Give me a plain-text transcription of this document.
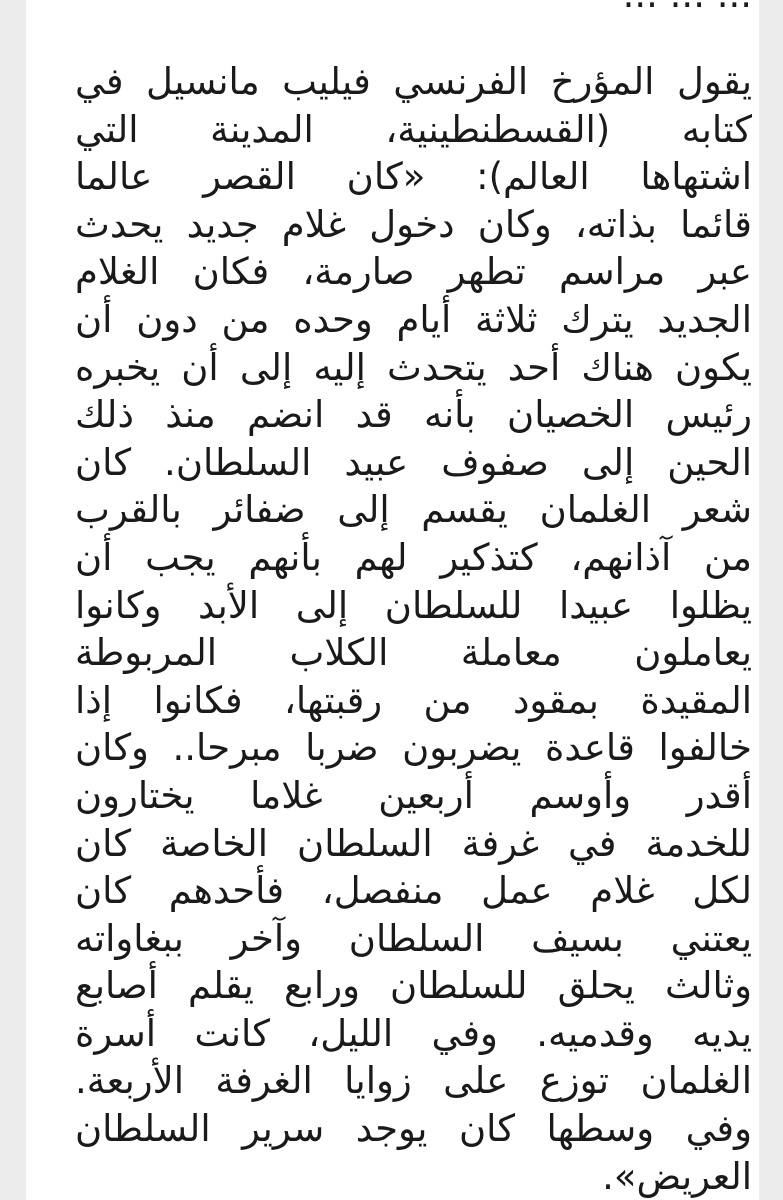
يقول المؤرخ الفرنسي فيليب مانسيل في
كتابه (القسطنطينية، المدينة التي
اشتهاها العالم): «كان القصر عالما
قائما بذاته، وكان دخول غلام جديد يحدث
عبر مراسم تطهر صارمة، فكان الغلام
الجديد يترك ثلاثة أيام وحده من دون أن
يكون هناك أحد يتحدث إليه إلى أن يخبره
رئيس الخصيان بأنه قد انضم منذ ذلك
الحين إلى صفوف عبيد السلطان. كان
شعر الغلمان يقسم إلى ضفائر بالقرب
من آذانهم، كتذكير لهم بأنهم يجب أن
يظلوا عبيدا للسلطان إلى الأبد وكانوا
يعاملون معاملة الكلاب المربوطة
المقيدة بمقود من رقبتها، فكانوا إذا
خالفوا قاعدة يضربون ضربا مبرحا.. وكان
أقدر وأوسم أربعين غلاما يختارون
للخدمة في غرفة السلطان الخاصة كان
لكل غلام عمل منفصل، فأحدهم كان
يعتني بسيف السلطان وآخر ببغاواته
وثالث يحلق للسلطان ورابع يقلم أصابع
يديه وقدميه. وفي الليل، كانت أسرة
الغلمان توزع على زوايا الغرفة الأربعة.
وفي وسطها كان يوجد سرير السلطان
العريض».
